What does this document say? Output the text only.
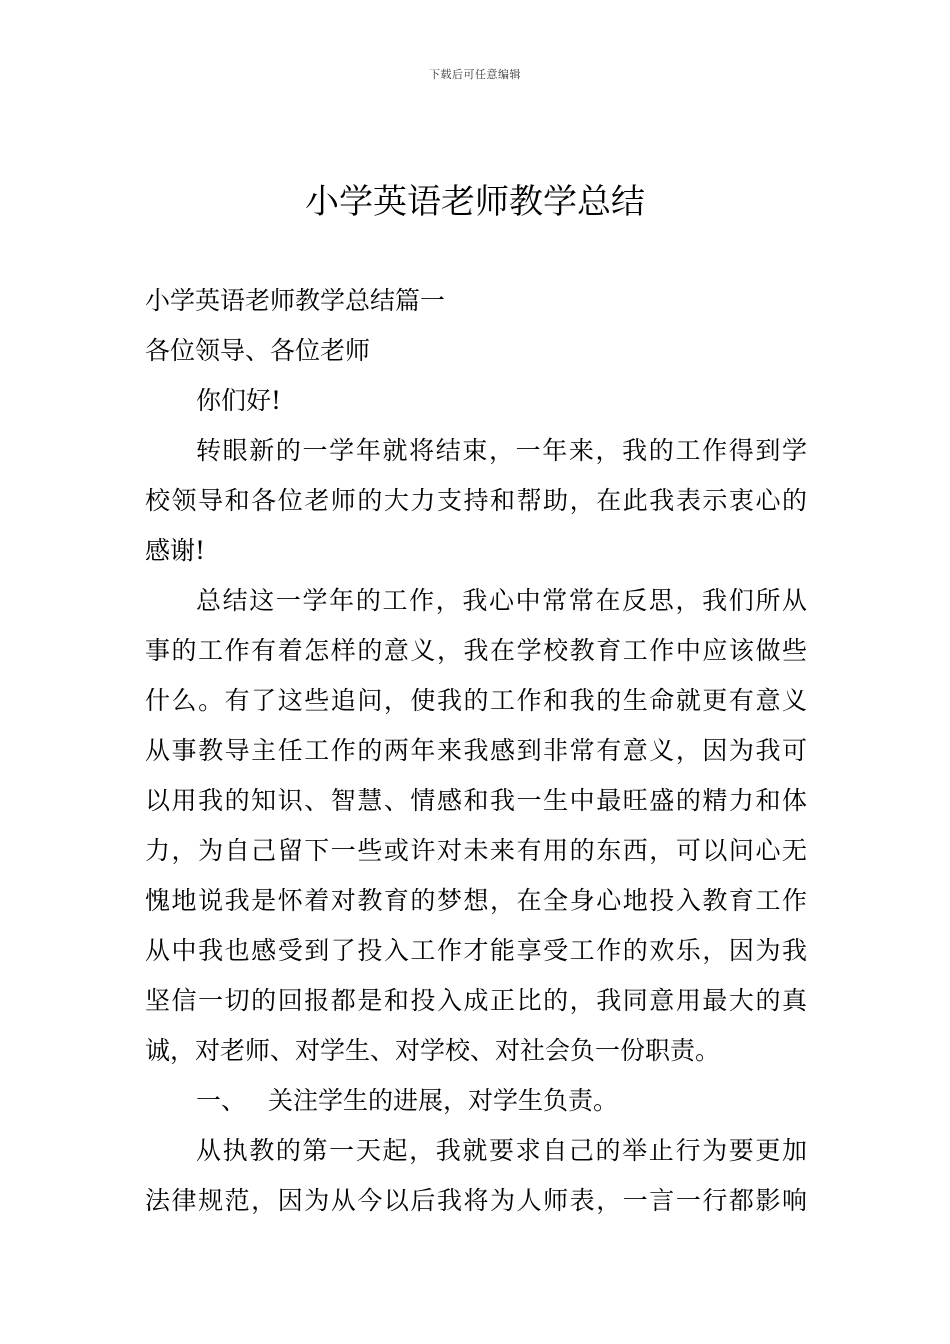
下载后可任意编辑
小学英语老师教学总结
小学英语老师教学总结篇一
各位领导、各位老师
你们好!
转眼新的一学年就将结束，一年来，我的工作得到学
校领导和各位老师的大力支持和帮助，在此我表示衷心的
感谢!
总结这一学年的工作，我心中常常在反思，我们所从
事的工作有着怎样的意义，我在学校教育工作中应该做些
什么。有了这些追问，使我的工作和我的生命就更有意义
从事教导主任工作的两年来我感到非常有意义，因为我可
以用我的知识、智慧、情感和我一生中最旺盛的精力和体
力，为自己留下一些或许对未来有用的东西，可以问心无
愧地说我是怀着对教育的梦想，在全身心地投入教育工作
从中我也感受到了投入工作才能享受工作的欢乐，因为我
坚信一切的回报都是和投入成正比的，我同意用最大的真
诚，对老师、对学生、对学校、对社会负一份职责。
一、 关注学生的进展，对学生负责。
从执教的第一天起，我就要求自己的举止行为要更加
法律规范，因为从今以后我将为人师表，一言一行都影响
